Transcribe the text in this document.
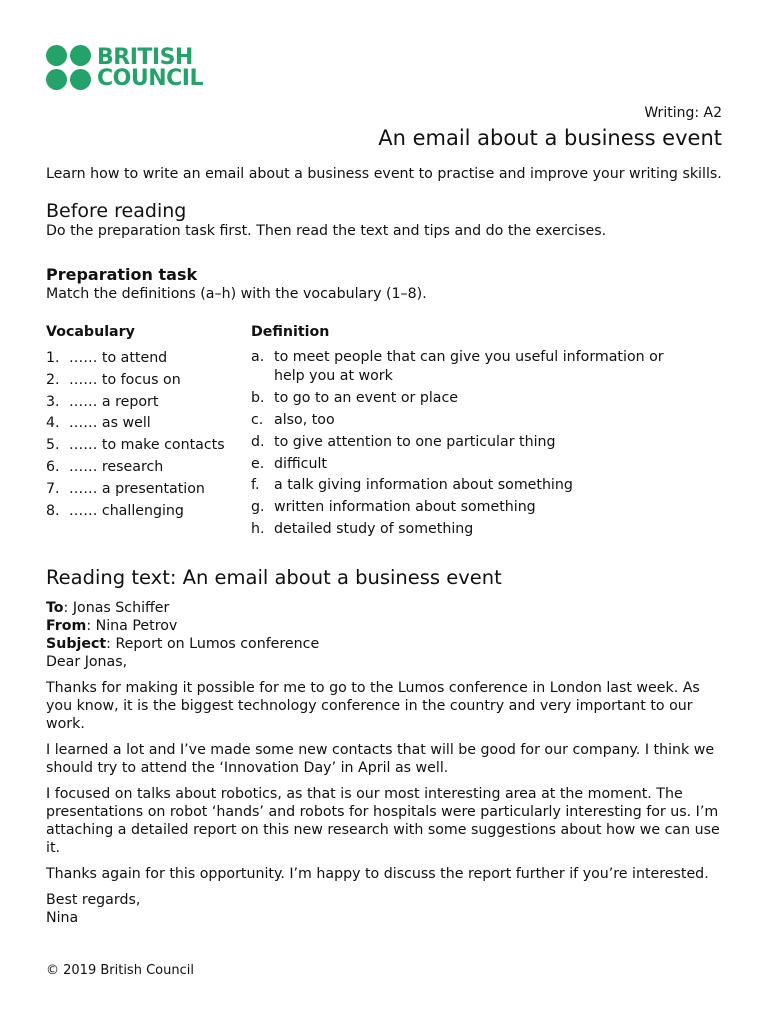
BRITISH
COUNCIL
Writing: A2
An email about a business event

Learn how to write an email about a business event to practise and improve your writing skills.

Before reading

Do the preparation task first. Then read the text and tips and do the exercises.

Preparation task

Match the definitions (a–h) with the vocabulary (1–8).

Vocabulary	Definition
1. …… to attend
2. …… to focus on
3. …… a report
4. …… as well
5. …… to make contacts
6. …… research
7. …… a presentation
8. …… challenging
a. to meet people that can give you useful information or help you at work
b. to go to an event or place
c. also, too
d. to give attention to one particular thing
e. difficult
f.	a talk giving information about something
g. written information about something
h. detailed study of something
Reading text: An email about a business event

To: Jonas Schiffer

From: Nina Petrov

Subject: Report on Lumos conference

Dear Jonas,

Thanks for making it possible for me to go to the Lumos conference in London last week. As you know, it is the biggest technology conference in the country and very important to our work.

I learned a lot and I’ve made some new contacts that will be good for our company. I think we should try to attend the ‘Innovation Day’ in April as well.

I focused on talks about robotics, as that is our most interesting area at the moment. The presentations on robot ‘hands’ and robots for hospitals were particularly interesting for us. I’m attaching a detailed report on this new research with some suggestions about how we can use it.

Thanks again for this opportunity. I’m happy to discuss the report further if you’re interested.

Best regards,

Nina

© 2019 British Council
